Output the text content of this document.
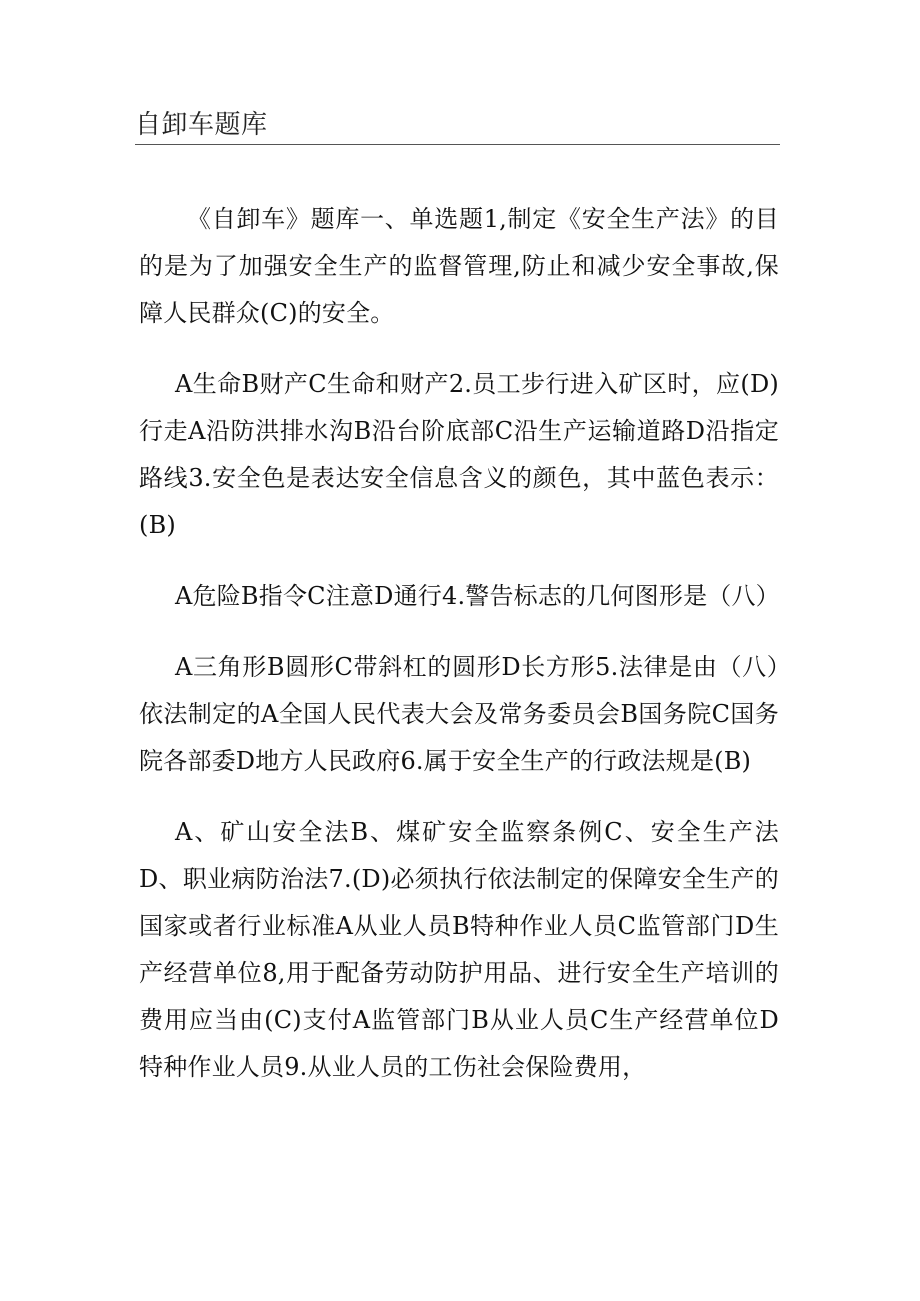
自卸车题库

《自卸车》题库一、单选题1,制定《安全生产法》的目的是为了加强安全生产的监督管理,防止和减少安全事故,保障人民群众(C)的安全。

A生命B财产C生命和财产2.员工步行进入矿区时，应(D)行走A沿防洪排水沟B沿台阶底部C沿生产运输道路D沿指定路线3.安全色是表达安全信息含义的颜色，其中蓝色表示：(B)

A危险B指令C注意D通行4.警告标志的几何图形是（八）

A三角形B圆形C带斜杠的圆形D长方形5.法律是由（八）依法制定的A全国人民代表大会及常务委员会B国务院C国务院各部委D地方人民政府6.属于安全生产的行政法规是(B)

A、矿山安全法B、煤矿安全监察条例C、安全生产法D、职业病防治法7.(D)必须执行依法制定的保障安全生产的国家或者行业标准A从业人员B特种作业人员C监管部门D生产经营单位8,用于配备劳动防护用品、进行安全生产培训的费用应当由(C)支付A监管部门B从业人员C生产经营单位D特种作业人员9.从业人员的工伤社会保险费用，
